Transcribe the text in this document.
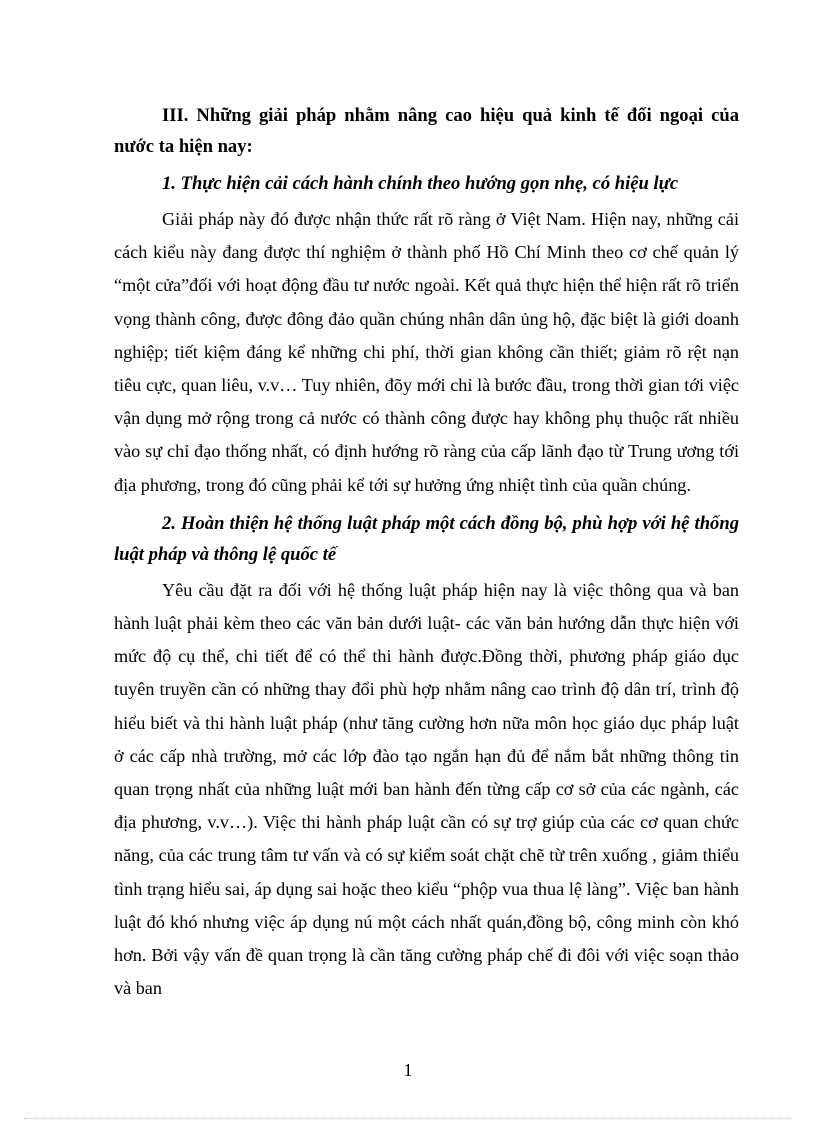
III. Những giải pháp nhằm nâng cao hiệu quả kinh tế đối ngoại của nước ta hiện nay:

1. Thực hiện cải cách hành chính theo hướng gọn nhẹ, có hiệu lực

Giải pháp này đó được nhận thức rất rõ ràng ở Việt Nam. Hiện nay, những cải cách kiểu này đang được thí nghiệm ở thành phố Hồ Chí Minh theo cơ chế quản lý “một cửa”đối với hoạt động đầu tư nước ngoài. Kết quả thực hiện thể hiện rất rõ triển vọng thành công, được đông đảo quần chúng nhân dân ủng hộ, đặc biệt là giới doanh nghiệp; tiết kiệm đáng kể những chi phí, thời gian không cần thiết; giảm rõ rệt nạn tiêu cực, quan liêu, v.v… Tuy nhiên, đõy mới chỉ là bước đầu, trong thời gian tới việc vận dụng mở rộng trong cả nước có thành công được hay không phụ thuộc rất nhiều vào sự chỉ đạo thống nhất, có định hướng rõ ràng của cấp lãnh đạo từ Trung ương tới địa phương, trong đó cũng phải kể tới sự hưởng ứng nhiệt tình của quần chúng.

2. Hoàn thiện hệ thống luật pháp một cách đồng bộ, phù hợp với hệ thống luật pháp và thông lệ quốc tế

Yêu cầu đặt ra đối với hệ thống luật pháp hiện nay là việc thông qua và ban hành luật phải kèm theo các văn bản dưới luật- các văn bản hướng dẫn thực hiện với mức độ cụ thể, chi tiết để có thể thi hành được.Đồng thời, phương pháp giáo dục tuyên truyền cần có những thay đổi phù hợp nhằm nâng cao trình độ dân trí, trình độ hiểu biết và thi hành luật pháp (như tăng cường hơn nữa môn học giáo dục pháp luật ở các cấp nhà trường, mở các lớp đào tạo ngắn hạn đủ để nắm bắt những thông tin quan trọng nhất của những luật mới ban hành đến từng cấp cơ sở của các ngành, các địa phương, v.v…). Việc thi hành pháp luật cần có sự trợ giúp của các cơ quan chức năng, của các trung tâm tư vấn và có sự kiểm soát chặt chẽ từ trên xuống , giảm thiểu tình trạng hiểu sai, áp dụng sai hoặc theo kiểu “phộp vua thua lệ làng”. Việc ban hành luật đó khó nhưng việc áp dụng nú một cách nhất quán,đồng bộ, công minh còn khó hơn. Bởi vậy vấn đề quan trọng là cần tăng cường pháp chế đi đôi với việc soạn thảo và ban

1
